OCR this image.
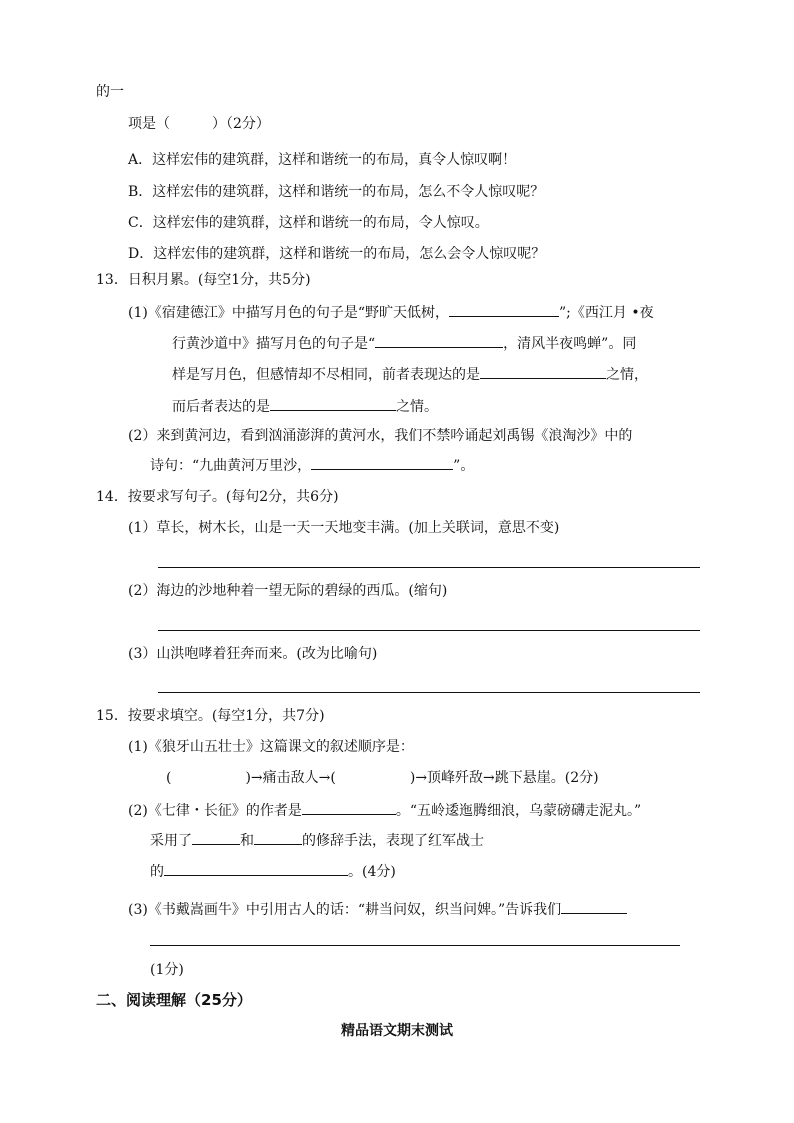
的一
项是（　　　）（2分）
A．这样宏伟的建筑群，这样和谐统一的布局，真令人惊叹啊！
B．这样宏伟的建筑群，这样和谐统一的布局，怎么不令人惊叹呢？
C．这样宏伟的建筑群，这样和谐统一的布局，令人惊叹。
D．这样宏伟的建筑群，这样和谐统一的布局，怎么会令人惊叹呢？
13．日积月累。(每空1分，共5分)
(1)《宿建德江》中描写月色的句子是“野旷天低树，	”;《西江月 •夜
行黄沙道中》描写月色的句子是“	，清风半夜鸣蝉”。同
样是写月色，但感情却不尽相同，前者表现达的是	之情，
而后者表达的是	之情。
(2）来到黄河边，看到汹涌澎湃的黄河水，我们不禁吟诵起刘禹锡《浪淘沙》中的
诗句：“九曲黄河万里沙，	”。
14．按要求写句子。(每句2分，共6分)
(1）草长，树木长，山是一天一天地变丰满。(加上关联词，意思不变)
(2）海边的沙地种着一望无际的碧绿的西瓜。(缩句)
(3）山洪咆哮着狂奔而来。(改为比喻句)
15．按要求填空。(每空1分，共7分)
(1)《狼牙山五壮士》这篇课文的叙述顺序是：
(	)→痛击敌人→(	)→顶峰歼敌→跳下悬崖。(2分)
(2)《七律・长征》的作者是	。“五岭逶迤腾细浪，乌蒙磅礴走泥丸。”
采用了	和	的修辞手法，表现了红军战士
的	。(4分)
(3)《书戴嵩画牛》中引用古人的话：“耕当问奴，织当问婢。”告诉我们
(1分)
二、阅读理解（25分）
精品语文期末测试
